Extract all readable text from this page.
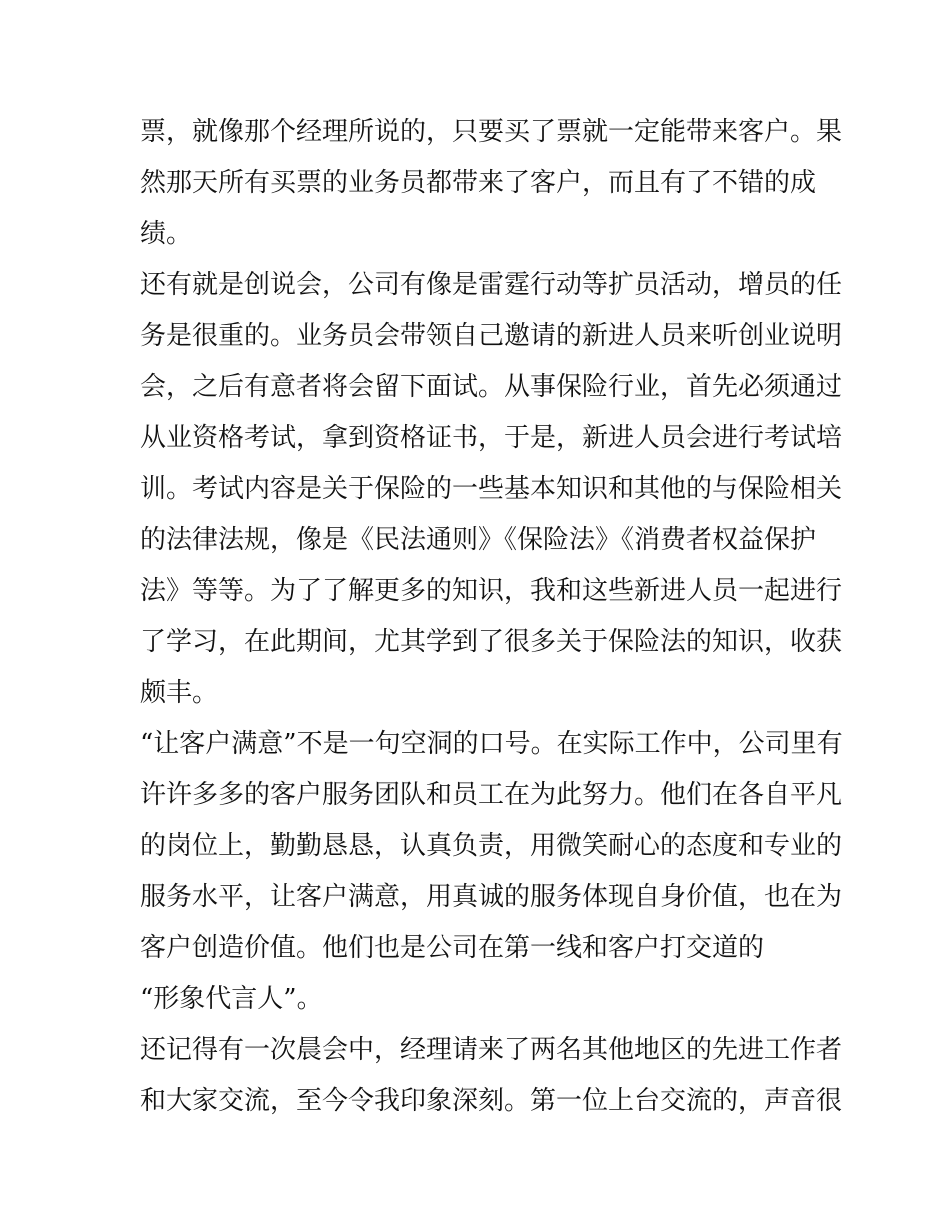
票，就像那个经理所说的，只要买了票就一定能带来客户。果
然那天所有买票的业务员都带来了客户，而且有了不错的成
绩。
还有就是创说会，公司有像是雷霆行动等扩员活动，增员的任
务是很重的。业务员会带领自己邀请的新进人员来听创业说明
会，之后有意者将会留下面试。从事保险行业，首先必须通过
从业资格考试，拿到资格证书，于是，新进人员会进行考试培
训。考试内容是关于保险的一些基本知识和其他的与保险相关
的法律法规，像是《民法通则》《保险法》《消费者权益保护
法》等等。为了了解更多的知识，我和这些新进人员一起进行
了学习，在此期间，尤其学到了很多关于保险法的知识，收获
颇丰。
“让客户满意”不是一句空洞的口号。在实际工作中，公司里有
许许多多的客户服务团队和员工在为此努力。他们在各自平凡
的岗位上，勤勤恳恳，认真负责，用微笑耐心的态度和专业的
服务水平，让客户满意，用真诚的服务体现自身价值，也在为
客户创造价值。他们也是公司在第一线和客户打交道的
“形象代言人”。
还记得有一次晨会中，经理请来了两名其他地区的先进工作者
和大家交流，至今令我印象深刻。第一位上台交流的，声音很
